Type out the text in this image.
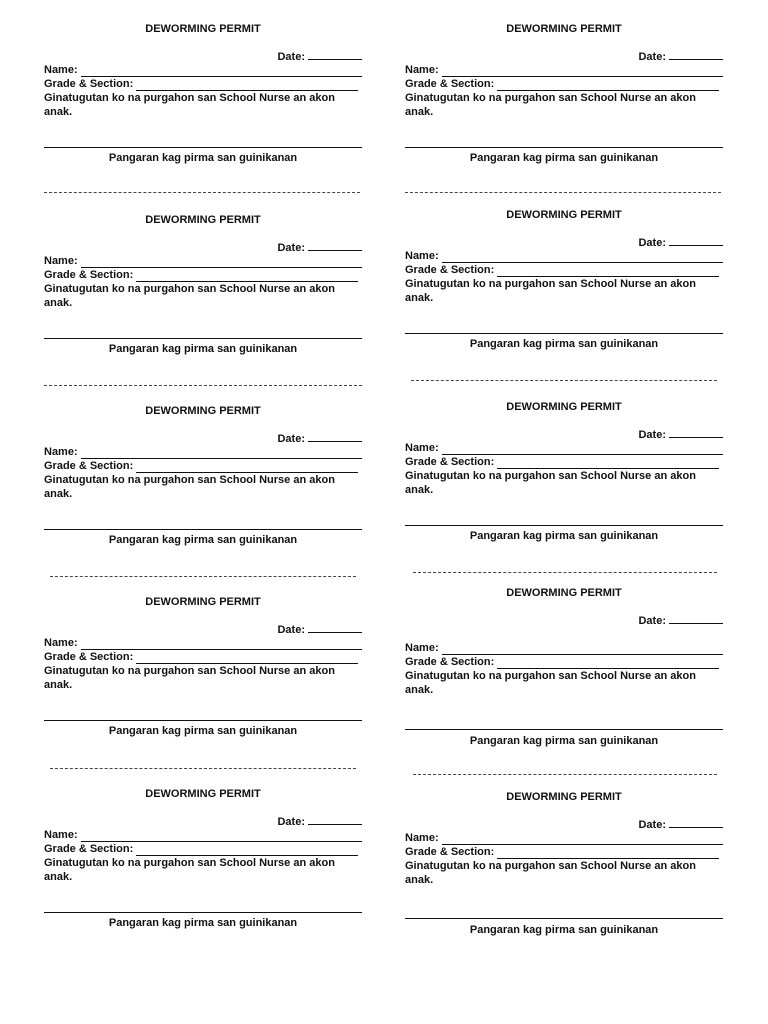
DEWORMING PERMIT
Date:
Name:
Grade & Section:
Ginatugutan ko na purgahon san School Nurse an akon anak.
Pangaran kag pirma san guinikanan
DEWORMING PERMIT
Date:
Name:
Grade & Section:
Ginatugutan ko na purgahon san School Nurse an akon anak.
Pangaran kag pirma san guinikanan
DEWORMING PERMIT
Date:
Name:
Grade & Section:
Ginatugutan ko na purgahon san School Nurse an akon anak.
Pangaran kag pirma san guinikanan
DEWORMING PERMIT
Date:
Name:
Grade & Section:
Ginatugutan ko na purgahon san School Nurse an akon anak.
Pangaran kag pirma san guinikanan
DEWORMING PERMIT
Date:
Name:
Grade & Section:
Ginatugutan ko na purgahon san School Nurse an akon anak.
Pangaran kag pirma san guinikanan
DEWORMING PERMIT
Date:
Name:
Grade & Section:
Ginatugutan ko na purgahon san School Nurse an akon anak.
Pangaran kag pirma san guinikanan
DEWORMING PERMIT
Date:
Name:
Grade & Section:
Ginatugutan ko na purgahon san School Nurse an akon anak.
Pangaran kag pirma san guinikanan
DEWORMING PERMIT
Date:
Name:
Grade & Section:
Ginatugutan ko na purgahon san School Nurse an akon anak.
Pangaran kag pirma san guinikanan
DEWORMING PERMIT
Date:
Name:
Grade & Section:
Ginatugutan ko na purgahon san School Nurse an akon anak.
Pangaran kag pirma san guinikanan
DEWORMING PERMIT
Date:
Name:
Grade & Section:
Ginatugutan ko na purgahon san School Nurse an akon anak.
Pangaran kag pirma san guinikanan
